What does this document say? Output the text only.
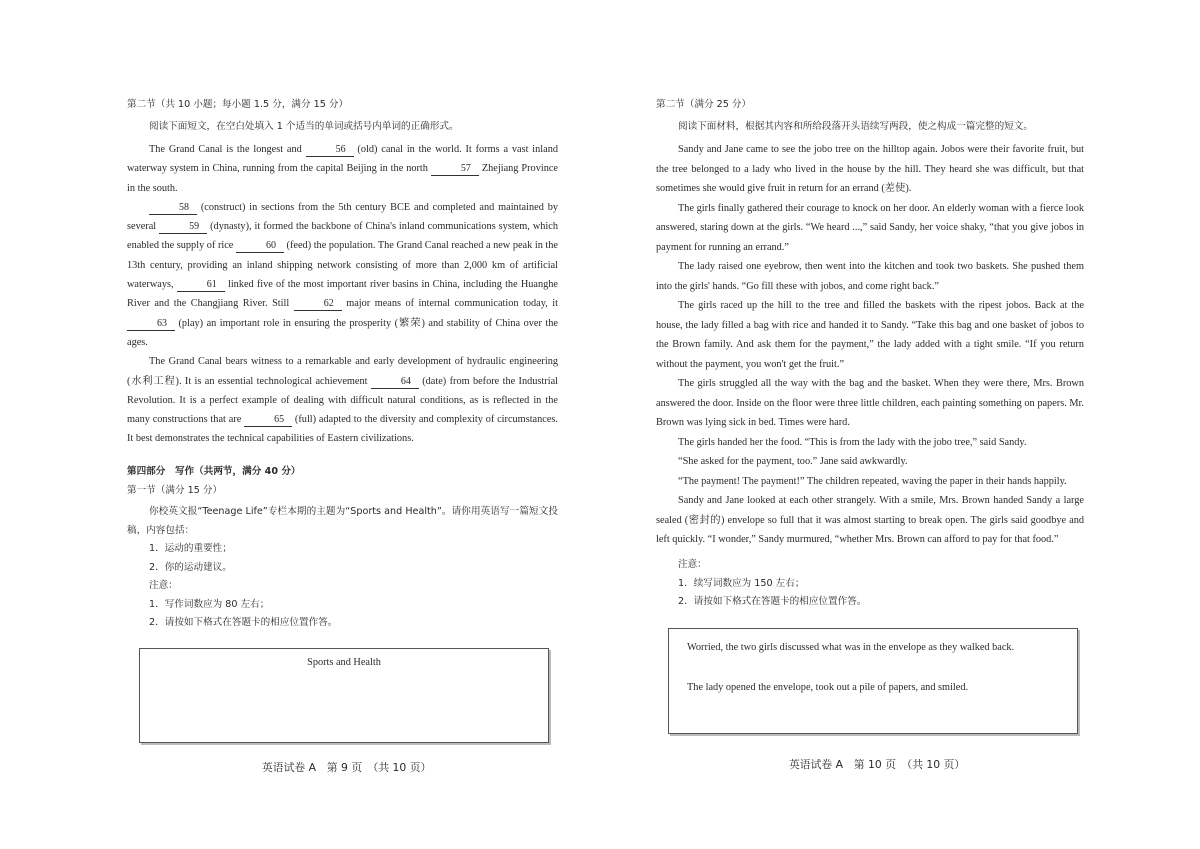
第二节（共 10 小题；每小题 1.5 分，满分 15 分）

阅读下面短文，在空白处填入 1 个适当的单词或括号内单词的正确形式。

The Grand Canal is the longest and	56 (old) canal in the world. It forms a vast inland waterway system in China, running from the capital Beijing in the north	57 Zhejiang Province in the south.

58 (construct) in sections from the 5th century BCE and completed and maintained by several	59 (dynasty), it formed the backbone of China's inland communications system, which enabled the supply of rice	60 (feed) the population. The Grand Canal reached a new peak in the 13th century, providing an inland shipping network consisting of more than 2,000 km of artificial waterways,	61 linked five of the most important river basins in China, including the Huanghe River and the Changjiang River. Still	62 major means of internal communication today, it 63 (play) an important role in ensuring the prosperity (繁荣) and stability of China over the ages.

The Grand Canal bears witness to a remarkable and early development of hydraulic engineering (水利工程). It is an essential technological achievement	64 (date) from before the Industrial Revolution. It is a perfect example of dealing with difficult natural conditions, as is reflected in the many constructions that are	65 (full) adapted to the diversity and complexity of circumstances. It best demonstrates the technical capabilities of Eastern civilizations.

第四部分　写作（共两节，满分 40 分）

第一节（满分 15 分）

你校英文报“Teenage Life”专栏本期的主题为“Sports and Health”。请你用英语写一篇短文投稿，内容包括：

1．运动的重要性；

2．你的运动建议。

注意：

1．写作词数应为 80 左右；

2．请按如下格式在答题卡的相应位置作答。

Sports and Health
英语试卷 A　第 9 页　（共 10 页）

第二节（满分 25 分）

阅读下面材料，根据其内容和所给段落开头语续写两段，使之构成一篇完整的短文。

Sandy and Jane came to see the jobo tree on the hilltop again. Jobos were their favorite fruit, but the tree belonged to a lady who lived in the house by the hill. They heard she was difficult, but that sometimes she would give fruit in return for an errand (差使).

The girls finally gathered their courage to knock on her door. An elderly woman with a fierce look answered, staring down at the girls. “We heard ...,” said Sandy, her voice shaky, “that you give jobos in payment for running an errand.”

The lady raised one eyebrow, then went into the kitchen and took two baskets. She pushed them into the girls' hands. “Go fill these with jobos, and come right back.”

The girls raced up the hill to the tree and filled the baskets with the ripest jobos. Back at the house, the lady filled a bag with rice and handed it to Sandy. “Take this bag and one basket of jobos to the Brown family. And ask them for the payment,” the lady added with a tight smile. “If you return without the payment, you won't get the fruit.”

The girls struggled all the way with the bag and the basket. When they were there, Mrs. Brown answered the door. Inside on the floor were three little children, each painting something on papers. Mr. Brown was lying sick in bed. Times were hard.

The girls handed her the food. “This is from the lady with the jobo tree,” said Sandy.

“She asked for the payment, too.” Jane said awkwardly.

“The payment! The payment!” The children repeated, waving the paper in their hands happily.

Sandy and Jane looked at each other strangely. With a smile, Mrs. Brown handed Sandy a large sealed (密封的) envelope so full that it was almost starting to break open. The girls said goodbye and left quickly. “I wonder,” Sandy murmured, “whether Mrs. Brown can afford to pay for that food.”

注意：

1．续写词数应为 150 左右；

2．请按如下格式在答题卡的相应位置作答。

Worried, the two girls discussed what was in the envelope as they walked back.
The lady opened the envelope, took out a pile of papers, and smiled.
英语试卷 A　第 10 页　（共 10 页）
